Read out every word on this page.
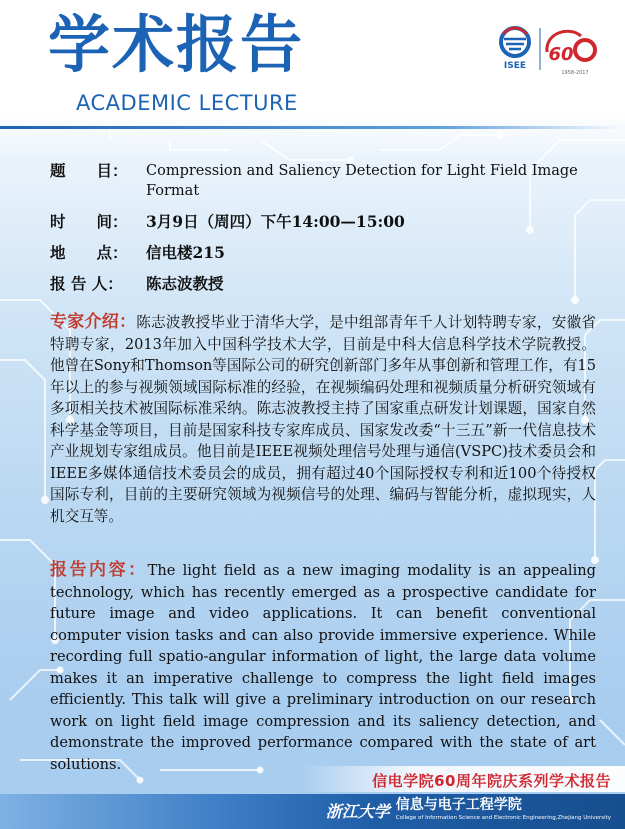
学术报告
ACADEMIC LECTURE
ISEE
60
1958-2017
题　　目：	Compression and Saliency Detection for Light Field Image Format
时　　间：	3月9日（周四）下午14:00—15:00
地　　点：	信电楼215
报 告 人：	陈志波教授
专家介绍：陈志波教授毕业于清华大学，是中组部青年千人计划特聘专家，安徽省特聘专家，2013年加入中国科学技术大学，目前是中科大信息科学技术学院教授。他曾在Sony和Thomson等国际公司的研究创新部门多年从事创新和管理工作，有15年以上的参与视频领域国际标准的经验，在视频编码处理和视频质量分析研究领域有多项相关技术被国际标准采纳。陈志波教授主持了国家重点研发计划课题，国家自然科学基金等项目，目前是国家科技专家库成员、国家发改委“十三五”新一代信息技术产业规划专家组成员。他目前是IEEE视频处理信号处理与通信(VSPC)技术委员会和IEEE多媒体通信技术委员会的成员，拥有超过40个国际授权专利和近100个待授权国际专利，目前的主要研究领域为视频信号的处理、编码与智能分析，虚拟现实，人机交互等。
报告内容：The light field as a new imaging modality is an appealing technology, which has recently emerged as a prospective candidate for future image and video applications. It can benefit conventional computer vision tasks and can also provide immersive experience. While recording full spatio-angular information of light, the large data volume makes it an imperative challenge to compress the light field images efficiently. This talk will give a preliminary introduction on our research work on light field image compression and its saliency detection, and demonstrate the improved performance compared with the state of art solutions.
信电学院60周年院庆系列学术报告
浙江大学 信息与电子工程学院
College of Information Science and Electronic Engineering,Zhejiang University
